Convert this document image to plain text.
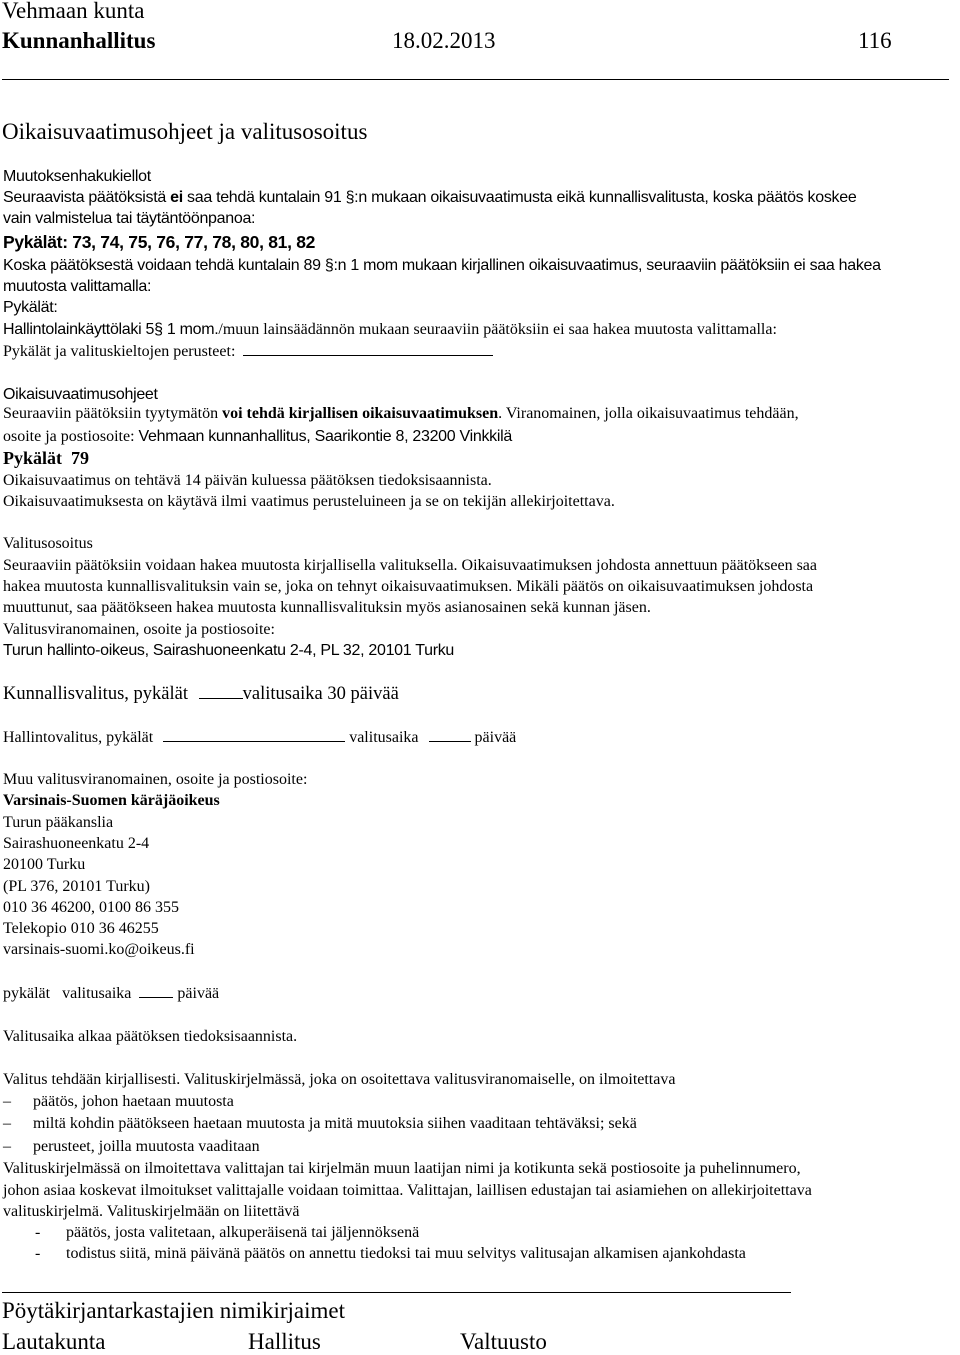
Vehmaan kunta
Kunnanhallitus	18.02.2013	116
Oikaisuvaatimusohjeet ja valitusosoitus
Muutoksenhakukiellot
Seuraavista päätöksistä ei saa tehdä kuntalain 91 §:n mukaan oikaisuvaatimusta eikä kunnallisvalitusta, koska päätös koskee
vain valmistelua tai täytäntöönpanoa:
Pykälät: 73, 74, 75, 76, 77, 78, 80, 81, 82
Koska päätöksestä voidaan tehdä kuntalain 89 §:n 1 mom mukaan kirjallinen oikaisuvaatimus, seuraaviin päätöksiin ei saa hakea
muutosta valittamalla:
Pykälät:
Hallintolainkäyttölaki 5§ 1 mom./muun lainsäädännön mukaan seuraaviin päätöksiin ei saa hakea muutosta valittamalla:
Pykälät ja valituskieltojen perusteet:
Oikaisuvaatimusohjeet
Seuraaviin päätöksiin tyytymätön voi tehdä kirjallisen oikaisuvaatimuksen. Viranomainen, jolla oikaisuvaatimus tehdään,
osoite ja postiosoite: Vehmaan kunnanhallitus, Saarikontie 8, 23200 Vinkkilä
Pykälät  79
Oikaisuvaatimus on tehtävä 14 päivän kuluessa päätöksen tiedoksisaannista.
Oikaisuvaatimuksesta on käytävä ilmi vaatimus perusteluineen ja se on tekijän allekirjoitettava.
Valitusosoitus
Seuraaviin päätöksiin voidaan hakea muutosta kirjallisella valituksella. Oikaisuvaatimuksen johdosta annettuun päätökseen saa
hakea muutosta kunnallisvalituksin vain se, joka on tehnyt oikaisuvaatimuksen. Mikäli päätös on oikaisuvaatimuksen johdosta
muuttunut, saa päätökseen hakea muutosta kunnallisvalituksin myös asianosainen sekä kunnan jäsen.
Valitusviranomainen, osoite ja postiosoite:
Turun hallinto-oikeus, Sairashuoneenkatu 2-4, PL 32, 20101 Turku
Kunnallisvalitus, pykälät	valitusaika 30 päivää
Hallintovalitus, pykälät	valitusaika	päivää
Muu valitusviranomainen, osoite ja postiosoite:
Varsinais-Suomen käräjäoikeus
Turun pääkanslia
Sairashuoneenkatu 2-4
20100 Turku
(PL 376, 20101 Turku)
010 36 46200, 0100 86 355
Telekopio 010 36 46255
varsinais-suomi.ko@oikeus.fi
pykälät   valitusaika	päivää
Valitusaika alkaa päätöksen tiedoksisaannista.
Valitus tehdään kirjallisesti. Valituskirjelmässä, joka on osoitettava valitusviranomaiselle, on ilmoitettava
– päätös, johon haetaan muutosta
– miltä kohdin päätökseen haetaan muutosta ja mitä muutoksia siihen vaaditaan tehtäväksi; sekä
– perusteet, joilla muutosta vaaditaan
Valituskirjelmässä on ilmoitettava valittajan tai kirjelmän muun laatijan nimi ja kotikunta sekä postiosoite ja puhelinnumero,
johon asiaa koskevat ilmoitukset valittajalle voidaan toimittaa. Valittajan, laillisen edustajan tai asiamiehen on allekirjoitettava
valituskirjelmä. Valituskirjelmään on liitettävä
- päätös, josta valitetaan, alkuperäisenä tai jäljennöksenä
- todistus siitä, minä päivänä päätös on annettu tiedoksi tai muu selvitys valitusajan alkamisen ajankohdasta
Pöytäkirjantarkastajien nimikirjaimet
Lautakunta	Hallitus	Valtuusto
